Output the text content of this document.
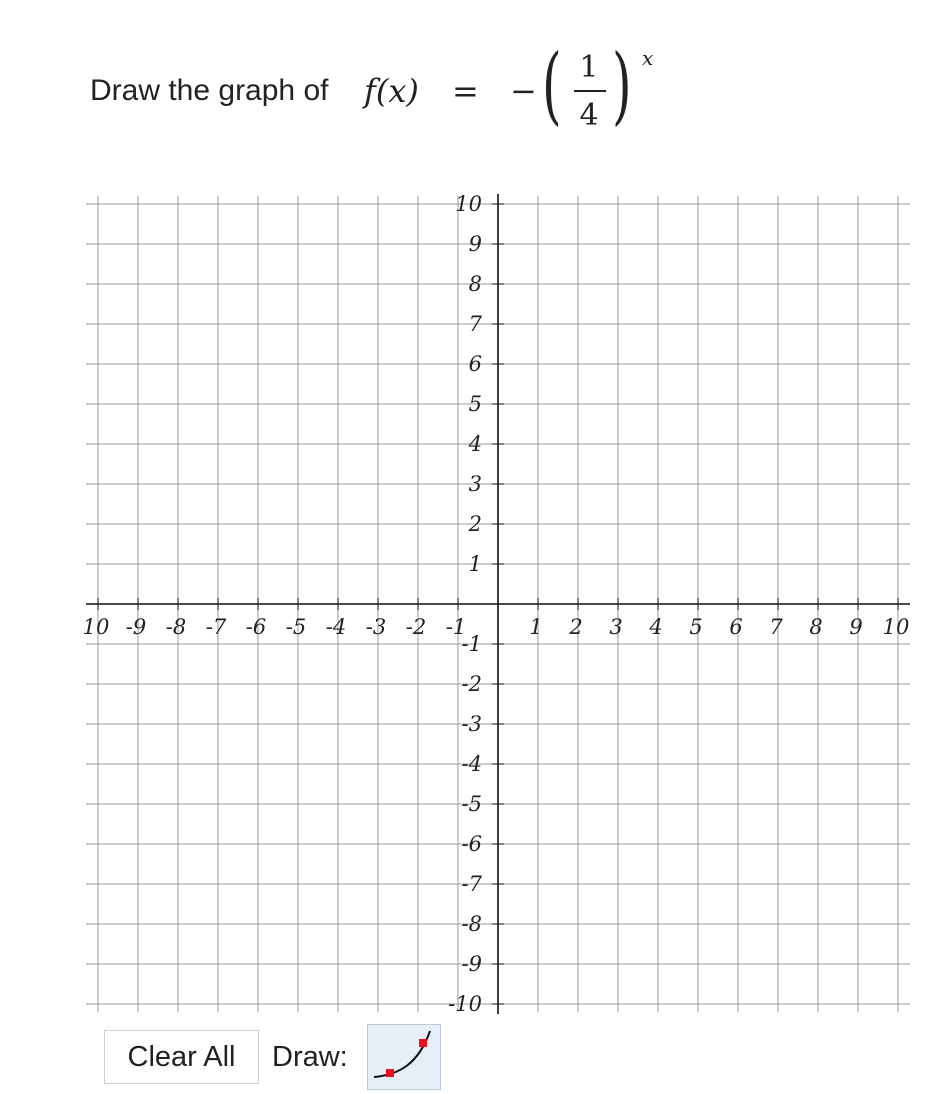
Draw the graph of f(x) = − ( 1
4 ) x
10 -9 -8 -7 -6 -5 -4 -3 -2 -1	1 2 3 4 5 6 7 8 9 10
10
9
8
7
6
5
4
3
2
1
-1
-2
-3
-4
-5
-6
-7
-8
-9
-10
Clear All	Draw:
